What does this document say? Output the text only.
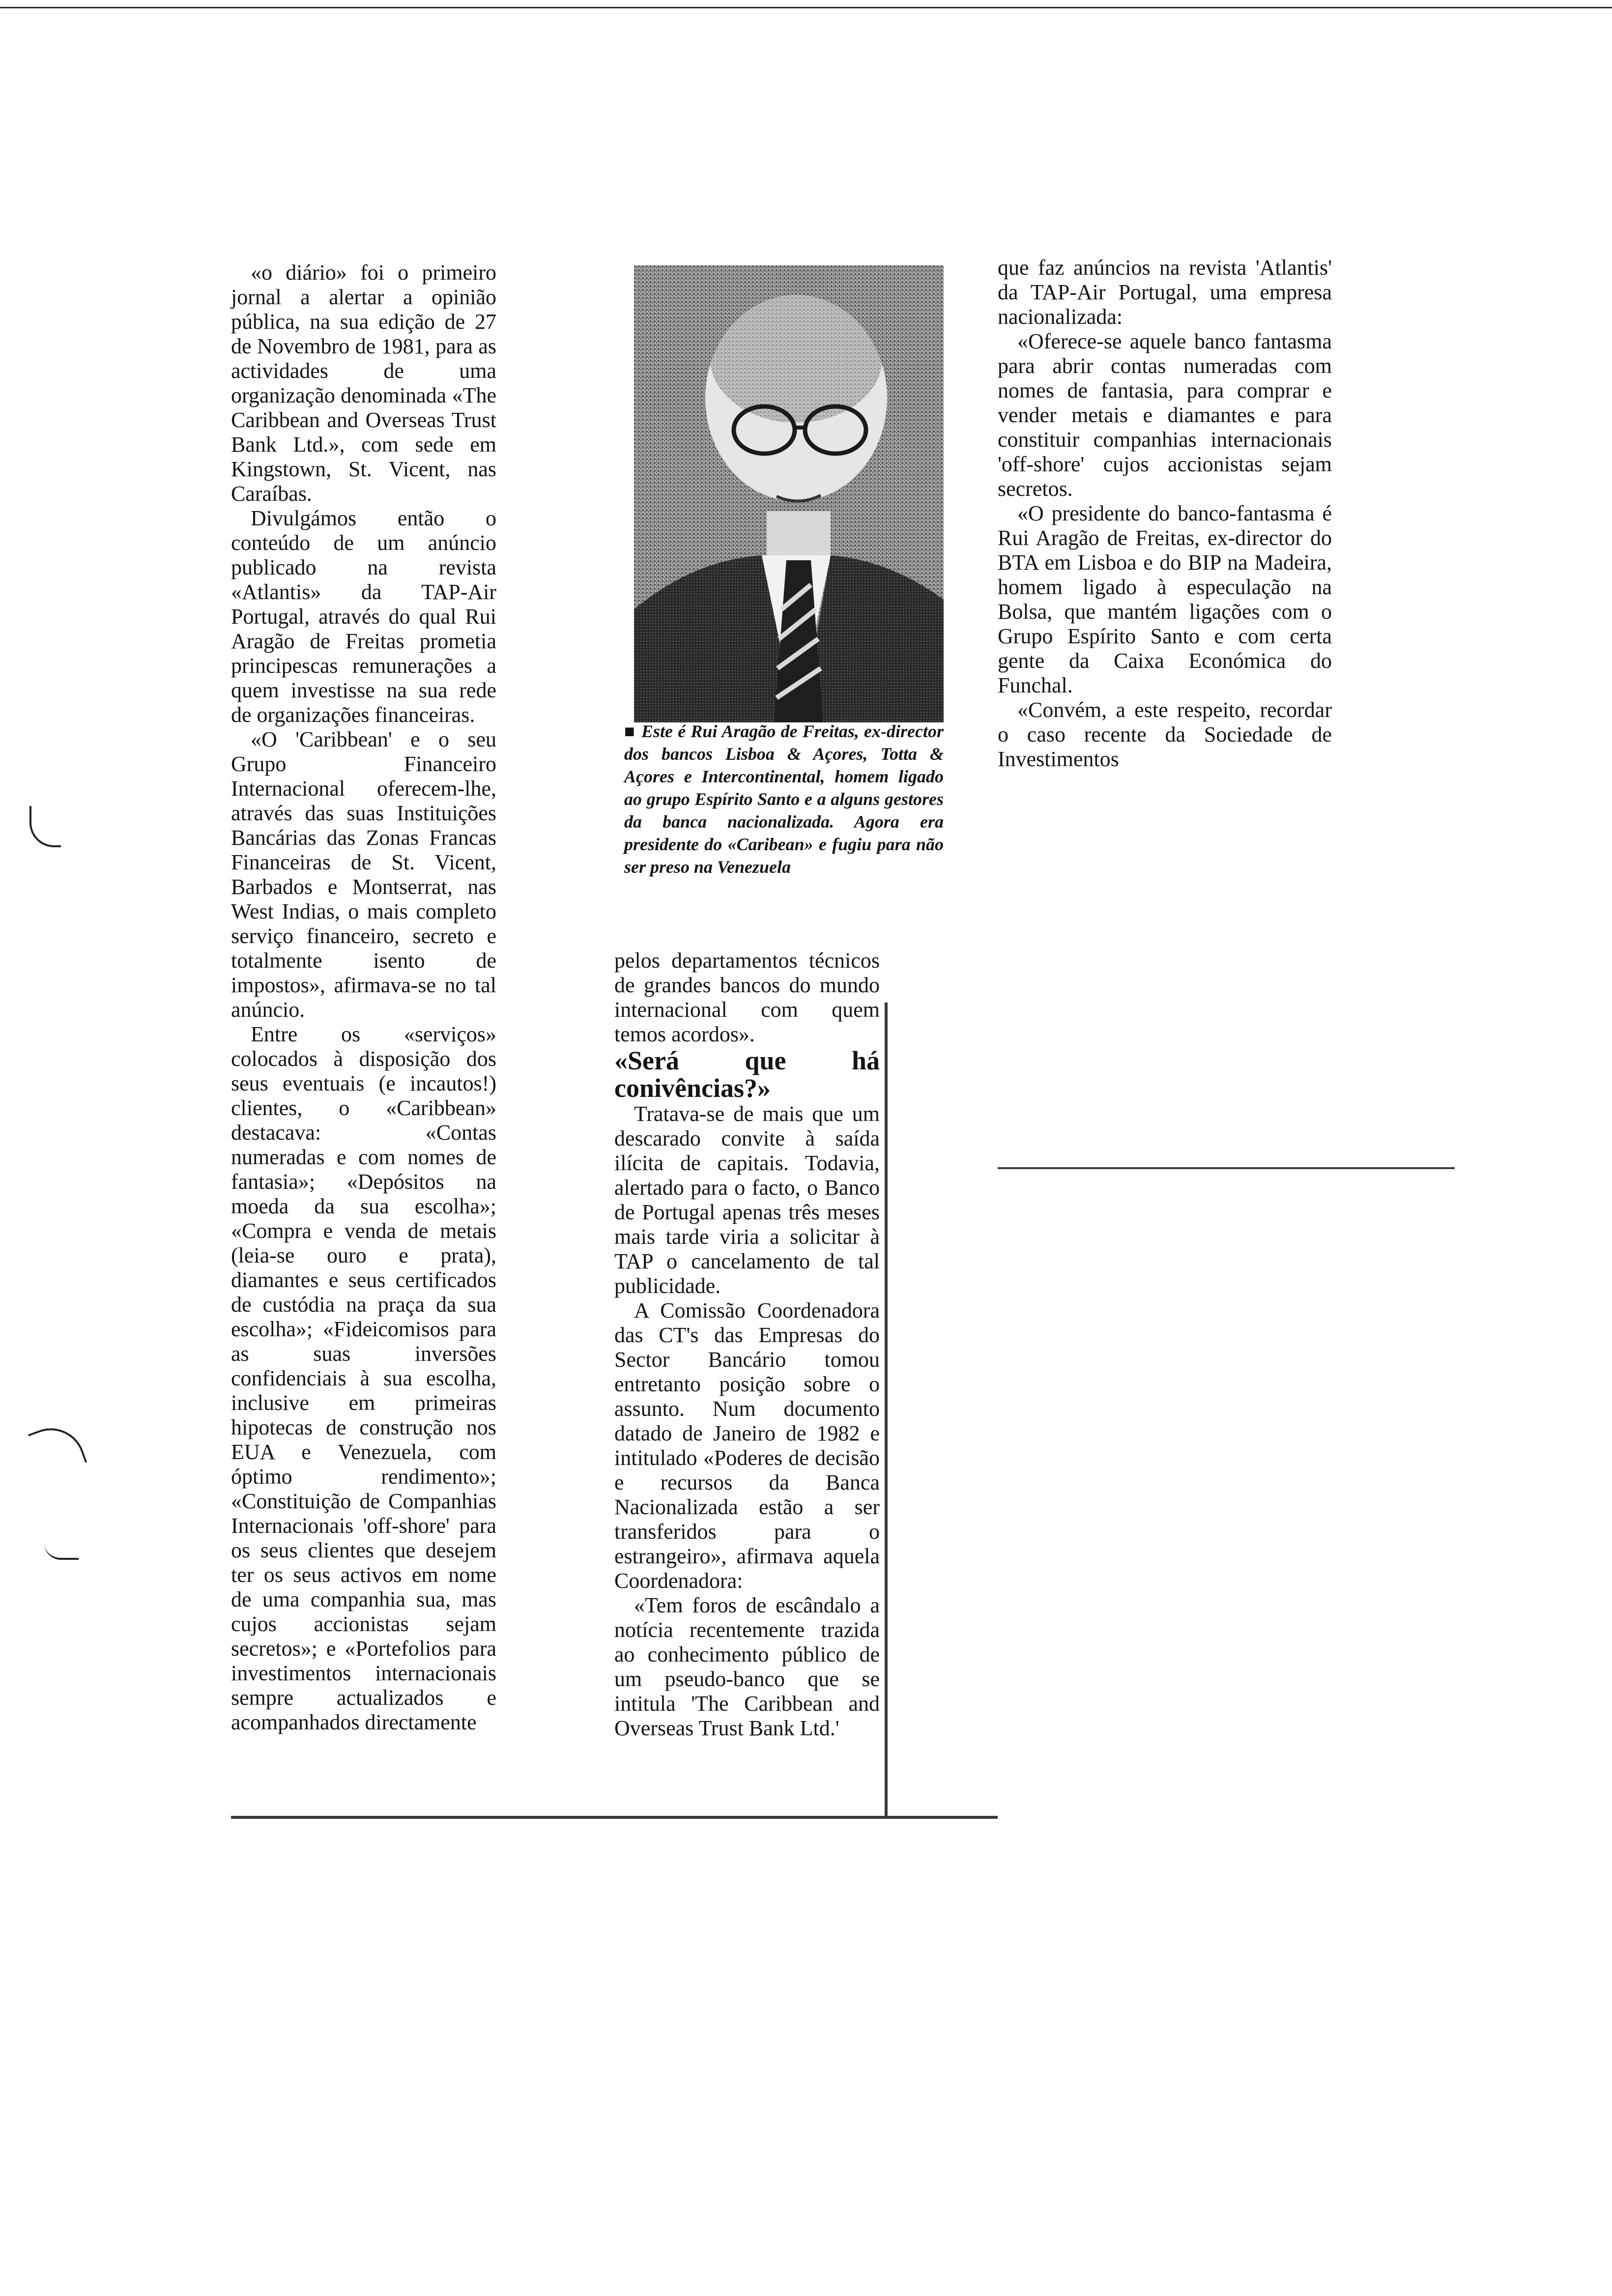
«o diário» foi o primeiro jornal a alertar a opinião pública, na sua edição de 27 de Novembro de 1981, para as actividades de uma organização denominada «The Caribbean and Overseas Trust Bank Ltd.», com sede em Kingstown, St. Vicent, nas Caraíbas.

Divulgámos então o conteúdo de um anúncio publicado na revista «Atlantis» da TAP-Air Portugal, através do qual Rui Aragão de Freitas prometia principescas remunerações a quem investisse na sua rede de organizações financeiras.

«O 'Caribbean' e o seu Grupo Financeiro Internacional oferecem-lhe, através das suas Instituições Bancárias das Zonas Francas Financeiras de St. Vicent, Barbados e Montserrat, nas West Indias, o mais completo serviço financeiro, secreto e totalmente isento de impostos», afirmava-se no tal anúncio.

Entre os «serviços» colocados à disposição dos seus eventuais (e incautos!) clientes, o «Caribbean» destacava: «Contas numeradas e com nomes de fantasia»; «Depósitos na moeda da sua escolha»; «Compra e venda de metais (leia-se ouro e prata), diamantes e seus certificados de custódia na praça da sua escolha»; «Fideicomisos para as suas inversões confidenciais à sua escolha, inclusive em primeiras hipotecas de construção nos EUA e Venezuela, com óptimo rendimento»; «Constituição de Companhias Internacionais 'off-shore' para os seus clientes que desejem ter os seus activos em nome de uma companhia sua, mas cujos accionistas sejam secretos»; e «Portefolios para investimentos internacionais sempre actualizados e acompanhados directamente

■ Este é Rui Aragão de Freitas, ex-director dos bancos Lisboa & Açores, Totta & Açores e Intercontinental, homem ligado ao grupo Espírito Santo e a alguns gestores da banca nacionalizada. Agora era presidente do «Caribean» e fugiu para não ser preso na Venezuela

pelos departamentos técnicos de grandes bancos do mundo internacional com quem temos acordos».

«Será que há conivências?»

Tratava-se de mais que um descarado convite à saída ilícita de capitais. Todavia, alertado para o facto, o Banco de Portugal apenas três meses mais tarde viria a solicitar à TAP o cancelamento de tal publicidade.

A Comissão Coordenadora das CT's das Empresas do Sector Bancário tomou entretanto posição sobre o assunto. Num documento datado de Janeiro de 1982 e intitulado «Poderes de decisão e recursos da Banca Nacionalizada estão a ser transferidos para o estrangeiro», afirmava aquela Coordenadora:

«Tem foros de escândalo a notícia recentemente trazida ao conhecimento público de um pseudo-banco que se intitula 'The Caribbean and Overseas Trust Bank Ltd.'

que faz anúncios na revista 'Atlantis' da TAP-Air Portugal, uma empresa nacionalizada:

«Oferece-se aquele banco fantasma para abrir contas numeradas com nomes de fantasia, para comprar e vender metais e diamantes e para constituir companhias internacionais 'off-shore' cujos accionistas sejam secretos.

«O presidente do banco-fantasma é Rui Aragão de Freitas, ex-director do BTA em Lisboa e do BIP na Madeira, homem ligado à especulação na Bolsa, que mantém ligações com o Grupo Espírito Santo e com certa gente da Caixa Económica do Funchal.

«Convém, a este respeito, recordar o caso recente da Sociedade de Investimentos
